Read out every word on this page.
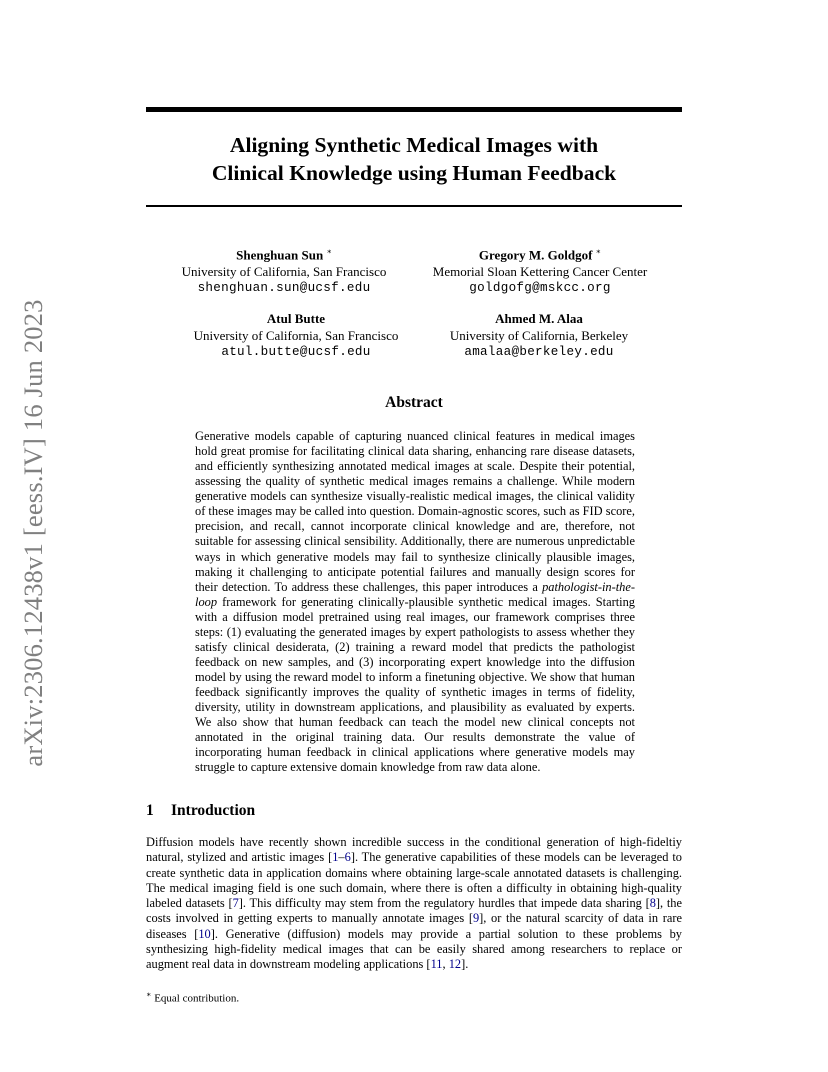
arXiv:2306.12438v1 [eess.IV] 16 Jun 2023
Aligning Synthetic Medical Images with
Clinical Knowledge using Human Feedback
Shenghuan Sun ∗
University of California, San Francisco
shenghuan.sun@ucsf.edu
Gregory M. Goldgof ∗
Memorial Sloan Kettering Cancer Center
goldgofg@mskcc.org
Atul Butte
University of California, San Francisco
atul.butte@ucsf.edu
Ahmed M. Alaa
University of California, Berkeley
amalaa@berkeley.edu
Abstract
Generative models capable of capturing nuanced clinical features in medical images hold great promise for facilitating clinical data sharing, enhancing rare disease datasets, and efficiently synthesizing annotated medical images at scale. Despite their potential, assessing the quality of synthetic medical images remains a challenge. While modern generative models can synthesize visually-realistic medical images, the clinical validity of these images may be called into question. Domain-agnostic scores, such as FID score, precision, and recall, cannot incorporate clinical knowledge and are, therefore, not suitable for assessing clinical sensibility. Additionally, there are numerous unpredictable ways in which generative models may fail to synthesize clinically plausible images, making it challenging to anticipate potential failures and manually design scores for their detection. To address these challenges, this paper introduces a pathologist-in-the-loop framework for generating clinically-plausible synthetic medical images. Starting with a diffusion model pretrained using real images, our framework comprises three steps: (1) evaluating the generated images by expert pathologists to assess whether they satisfy clinical desiderata, (2) training a reward model that predicts the pathologist feedback on new samples, and (3) incorporating expert knowledge into the diffusion model by using the reward model to inform a finetuning objective. We show that human feedback significantly improves the quality of synthetic images in terms of fidelity, diversity, utility in downstream applications, and plausibility as evaluated by experts. We also show that human feedback can teach the model new clinical concepts not annotated in the original training data. Our results demonstrate the value of incorporating human feedback in clinical applications where generative models may struggle to capture extensive domain knowledge from raw data alone.
1 Introduction
Diffusion models have recently shown incredible success in the conditional generation of high-fideltiy natural, stylized and artistic images [1–6]. The generative capabilities of these models can be leveraged to create synthetic data in application domains where obtaining large-scale annotated datasets is challenging. The medical imaging field is one such domain, where there is often a difficulty in obtaining high-quality labeled datasets [7]. This difficulty may stem from the regulatory hurdles that impede data sharing [8], the costs involved in getting experts to manually annotate images [9], or the natural scarcity of data in rare diseases [10]. Generative (diffusion) models may provide a partial solution to these problems by synthesizing high-fidelity medical images that can be easily shared among researchers to replace or augment real data in downstream modeling applications [11, 12].
∗ Equal contribution.
